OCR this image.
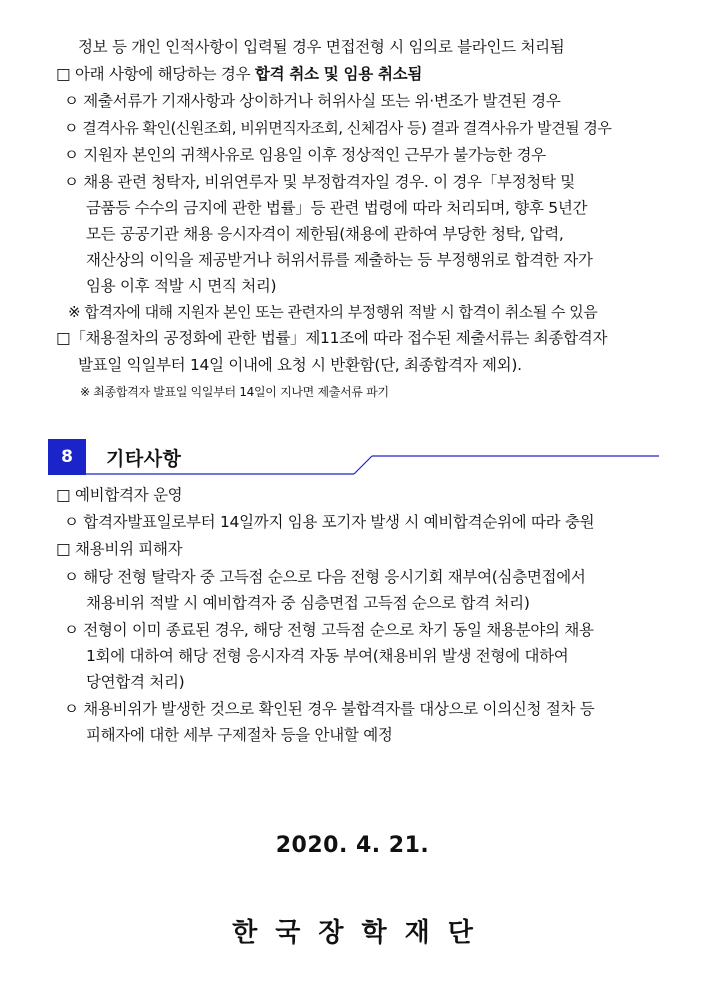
정보 등 개인 인적사항이 입력될 경우 면접전형 시 임의로 블라인드 처리됨
□ 아래 사항에 해당하는 경우 합격 취소 및 임용 취소됨
ㅇ 제출서류가 기재사항과 상이하거나 허위사실 또는 위·변조가 발견된 경우
ㅇ 결격사유 확인(신원조회, 비위면직자조회, 신체검사 등) 결과 결격사유가 발견될 경우
ㅇ 지원자 본인의 귀책사유로 임용일 이후 정상적인 근무가 불가능한 경우
ㅇ 채용 관련 청탁자, 비위연루자 및 부정합격자일 경우. 이 경우「부정청탁 및
금품등 수수의 금지에 관한 법률」등 관련 법령에 따라 처리되며, 향후 5년간
모든 공공기관 채용 응시자격이 제한됨(채용에 관하여 부당한 청탁, 압력,
재산상의 이익을 제공받거나 허위서류를 제출하는 등 부정행위로 합격한 자가
임용 이후 적발 시 면직 처리)
※ 합격자에 대해 지원자 본인 또는 관련자의 부정행위 적발 시 합격이 취소될 수 있음
□「채용절차의 공정화에 관한 법률」제11조에 따라 접수된 제출서류는 최종합격자
발표일 익일부터 14일 이내에 요청 시 반환함(단, 최종합격자 제외).
※ 최종합격자 발표일 익일부터 14일이 지나면 제출서류 파기
8	기타사항
□ 예비합격자 운영
ㅇ 합격자발표일로부터 14일까지 임용 포기자 발생 시 예비합격순위에 따라 충원
□ 채용비위 피해자
ㅇ 해당 전형 탈락자 중 고득점 순으로 다음 전형 응시기회 재부여(심층면접에서
채용비위 적발 시 예비합격자 중 심층면접 고득점 순으로 합격 처리)
ㅇ 전형이 이미 종료된 경우, 해당 전형 고득점 순으로 차기 동일 채용분야의 채용
1회에 대하여 해당 전형 응시자격 자동 부여(채용비위 발생 전형에 대하여
당연합격 처리)
ㅇ 채용비위가 발생한 것으로 확인된 경우 불합격자를 대상으로 이의신청 절차 등
피해자에 대한 세부 구제절차 등을 안내할 예정
2020. 4. 21.
한국장학재단
